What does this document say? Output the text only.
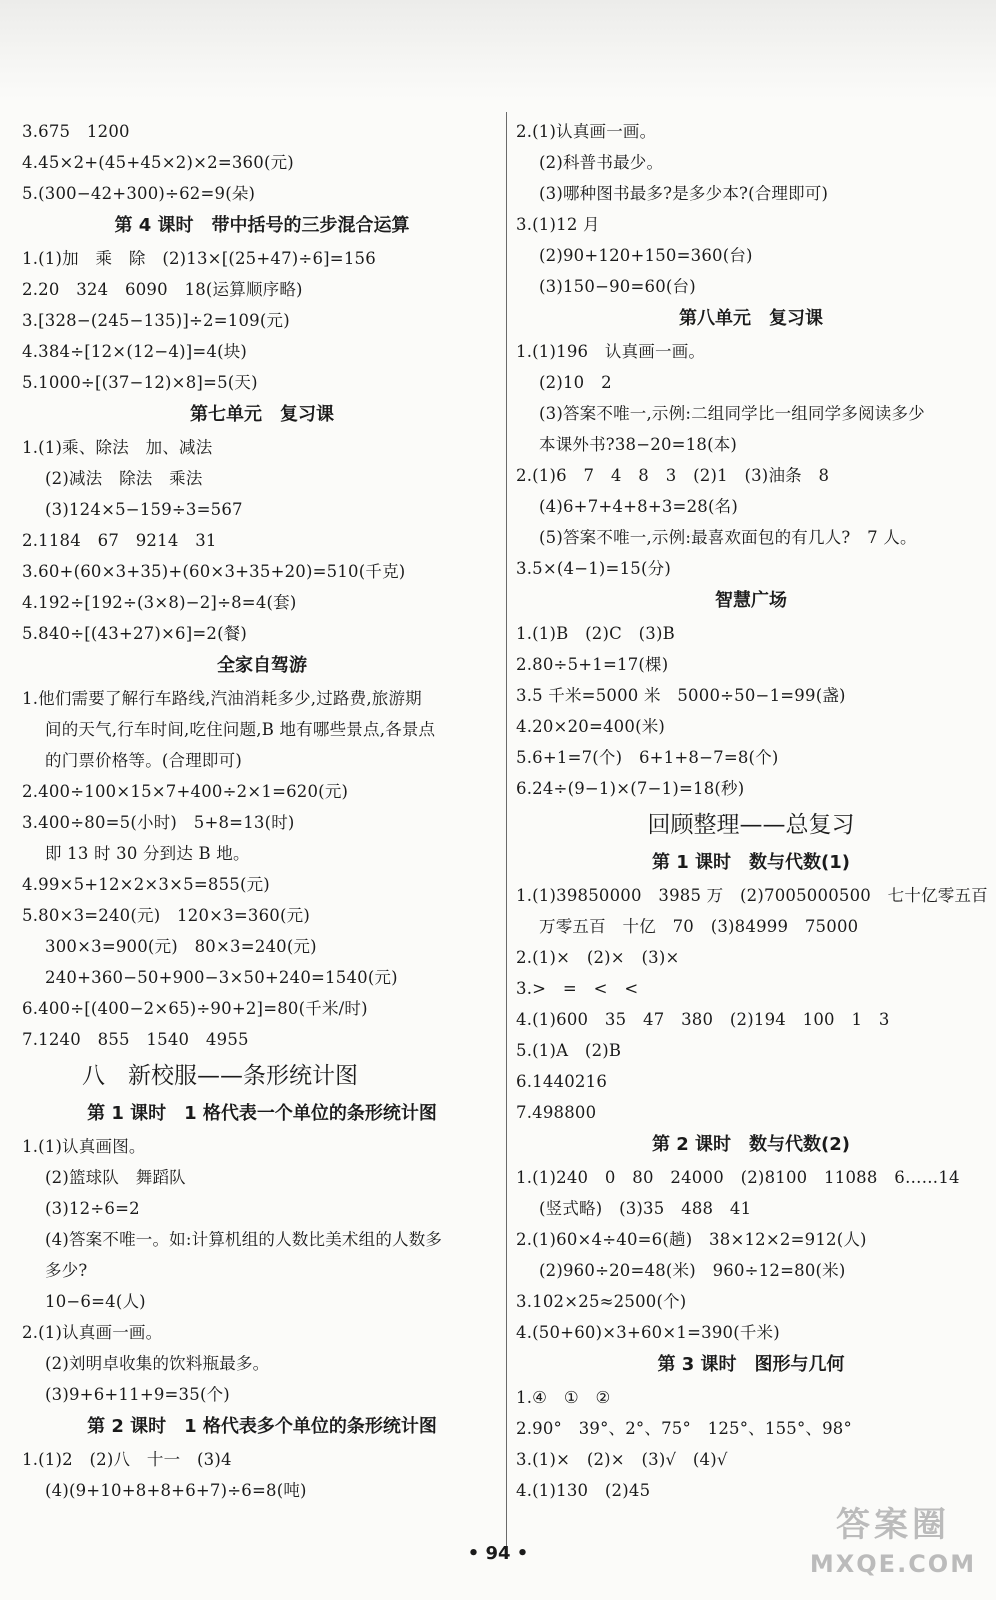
3.675　1200
4.45×2+(45+45×2)×2=360(元)
5.(300−42+300)÷62=9(朵)
第 4 课时　带中括号的三步混合运算
1.(1)加　乘　除　(2)13×[(25+47)÷6]=156
2.20　324　6090　18(运算顺序略)
3.[328−(245−135)]÷2=109(元)
4.384÷[12×(12−4)]=4(块)
5.1000÷[(37−12)×8]=5(天)
第七单元　复习课
1.(1)乘、除法　加、减法
(2)减法　除法　乘法
(3)124×5−159÷3=567
2.1184　67　9214　31
3.60+(60×3+35)+(60×3+35+20)=510(千克)
4.192÷[192÷(3×8)−2]÷8=4(套)
5.840÷[(43+27)×6]=2(餐)
全家自驾游
1.他们需要了解行车路线,汽油消耗多少,过路费,旅游期
间的天气,行车时间,吃住问题,B 地有哪些景点,各景点
的门票价格等。(合理即可)
2.400÷100×15×7+400÷2×1=620(元)
3.400÷80=5(小时)　5+8=13(时)
即 13 时 30 分到达 B 地。
4.99×5+12×2×3×5=855(元)
5.80×3=240(元)　120×3=360(元)
300×3=900(元)　80×3=240(元)
240+360−50+900−3×50+240=1540(元)
6.400÷[(400−2×65)÷90+2]=80(千米/时)
7.1240　855　1540　4955
八　新校服——条形统计图
第 1 课时　1 格代表一个单位的条形统计图
1.(1)认真画图。
(2)篮球队　舞蹈队
(3)12÷6=2
(4)答案不唯一。如:计算机组的人数比美术组的人数多
多少?
10−6=4(人)
2.(1)认真画一画。
(2)刘明卓收集的饮料瓶最多。
(3)9+6+11+9=35(个)
第 2 课时　1 格代表多个单位的条形统计图
1.(1)2　(2)八　十一　(3)4
(4)(9+10+8+8+6+7)÷6=8(吨)
2.(1)认真画一画。
(2)科普书最少。
(3)哪种图书最多?是多少本?(合理即可)
3.(1)12 月
(2)90+120+150=360(台)
(3)150−90=60(台)
第八单元　复习课
1.(1)196　认真画一画。
(2)10　2
(3)答案不唯一,示例:二组同学比一组同学多阅读多少
本课外书?38−20=18(本)
2.(1)6　7　4　8　3　(2)1　(3)油条　8
(4)6+7+4+8+3=28(名)
(5)答案不唯一,示例:最喜欢面包的有几人?　7 人。
3.5×(4−1)=15(分)
智慧广场
1.(1)B　(2)C　(3)B
2.80÷5+1=17(棵)
3.5 千米=5000 米　5000÷50−1=99(盏)
4.20×20=400(米)
5.6+1=7(个)　6+1+8−7=8(个)
6.24÷(9−1)×(7−1)=18(秒)
回顾整理——总复习
第 1 课时　数与代数(1)
1.(1)39850000　3985 万　(2)7005000500　七十亿零五百
万零五百　十亿　70　(3)84999　75000
2.(1)×　(2)×　(3)×
3.>　=　<　<
4.(1)600　35　47　380　(2)194　100　1　3
5.(1)A　(2)B
6.1440216
7.498800
第 2 课时　数与代数(2)
1.(1)240　0　80　24000　(2)8100　11088　6……14
(竖式略)　(3)35　488　41
2.(1)60×4÷40=6(趟)　38×12×2=912(人)
(2)960÷20=48(米)　960÷12=80(米)
3.102×25≈2500(个)
4.(50+60)×3+60×1=390(千米)
第 3 课时　图形与几何
1.④　①　②
2.90°　39°、2°、75°　125°、155°、98°
3.(1)×　(2)×　(3)√　(4)√
4.(1)130　(2)45
• 94 •
答案圈
MXQE.COM
